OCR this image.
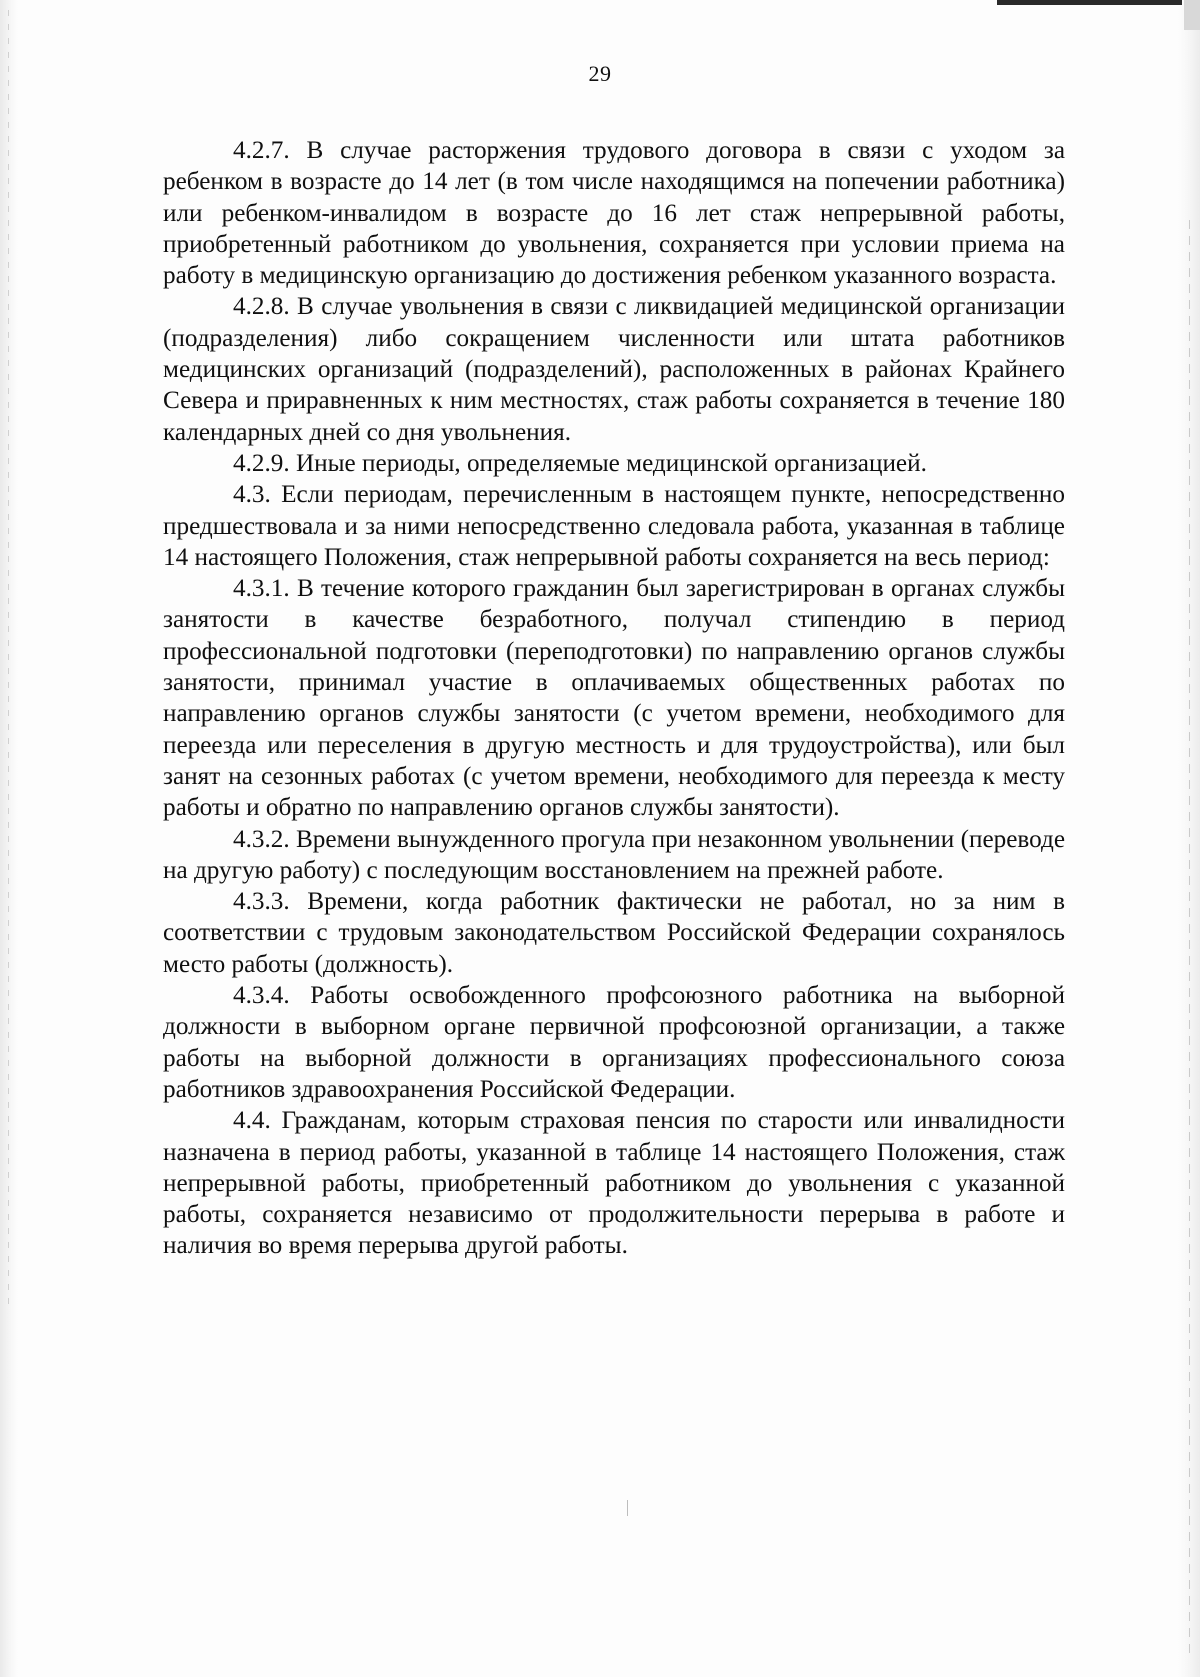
29

4.2.7. В случае расторжения трудового договора в связи с уходом за ребенком в возрасте до 14 лет (в том числе находящимся на попечении работника) или ребенком-инвалидом в возрасте до 16 лет стаж непрерывной работы, приобретенный работником до увольнения, сохраняется при условии приема на работу в медицинскую организацию до достижения ребенком указанного возраста.

4.2.8. В случае увольнения в связи с ликвидацией медицинской организации (подразделения) либо сокращением численности или штата работников медицинских организаций (подразделений), расположенных в районах Крайнего Севера и приравненных к ним местностях, стаж работы сохраняется в течение 180 календарных дней со дня увольнения.

4.2.9. Иные периоды, определяемые медицинской организацией.

4.3. Если периодам, перечисленным в настоящем пункте, непосредственно предшествовала и за ними непосредственно следовала работа, указанная в таблице 14 настоящего Положения, стаж непрерывной работы сохраняется на весь период:

4.3.1. В течение которого гражданин был зарегистрирован в органах службы занятости в качестве безработного, получал стипендию в период профессиональной подготовки (переподготовки) по направлению органов службы занятости, принимал участие в оплачиваемых общественных работах по направлению органов службы занятости (с учетом времени, необходимого для переезда или переселения в другую местность и для трудоустройства), или был занят на сезонных работах (с учетом времени, необходимого для переезда к месту работы и обратно по направлению органов службы занятости).

4.3.2. Времени вынужденного прогула при незаконном увольнении (переводе на другую работу) с последующим восстановлением на прежней работе.

4.3.3. Времени, когда работник фактически не работал, но за ним в соответствии с трудовым законодательством Российской Федерации сохранялось место работы (должность).

4.3.4. Работы освобожденного профсоюзного работника на выборной должности в выборном органе первичной профсоюзной организации, а также работы на выборной должности в организациях профессионального союза работников здравоохранения Российской Федерации.

4.4. Гражданам, которым страховая пенсия по старости или инвалидности назначена в период работы, указанной в таблице 14 настоящего Положения, стаж непрерывной работы, приобретенный работником до увольнения с указанной работы, сохраняется независимо от продолжительности перерыва в работе и наличия во время перерыва другой работы.
